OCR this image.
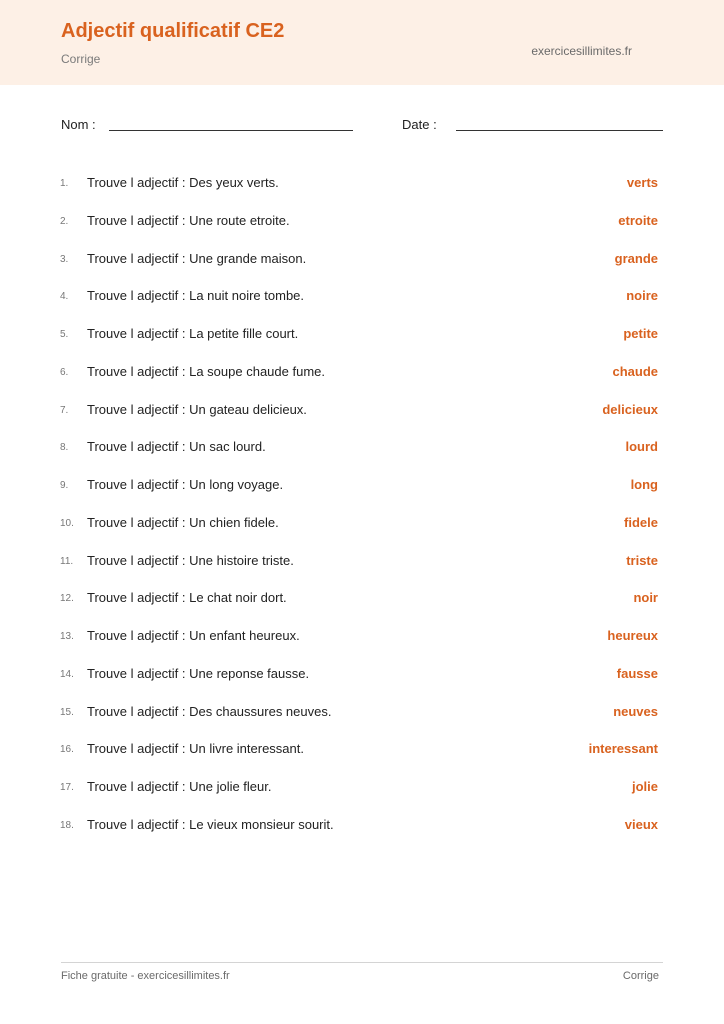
Adjectif qualificatif CE2
Corrige
exercicesillimites.fr
Nom :	Date :
1.	Trouve l adjectif : Des yeux verts.	verts
2.	Trouve l adjectif : Une route etroite.	etroite
3.	Trouve l adjectif : Une grande maison.	grande
4.	Trouve l adjectif : La nuit noire tombe.	noire
5.	Trouve l adjectif : La petite fille court.	petite
6.	Trouve l adjectif : La soupe chaude fume.	chaude
7.	Trouve l adjectif : Un gateau delicieux.	delicieux
8.	Trouve l adjectif : Un sac lourd.	lourd
9.	Trouve l adjectif : Un long voyage.	long
10. Trouve l adjectif : Un chien fidele.	fidele
11. Trouve l adjectif : Une histoire triste.	triste
12. Trouve l adjectif : Le chat noir dort.	noir
13. Trouve l adjectif : Un enfant heureux.	heureux
14. Trouve l adjectif : Une reponse fausse.	fausse
15. Trouve l adjectif : Des chaussures neuves.	neuves
16. Trouve l adjectif : Un livre interessant.	interessant
17. Trouve l adjectif : Une jolie fleur.	jolie
18. Trouve l adjectif : Le vieux monsieur sourit.	vieux
Fiche gratuite - exercicesillimites.fr	Corrige
